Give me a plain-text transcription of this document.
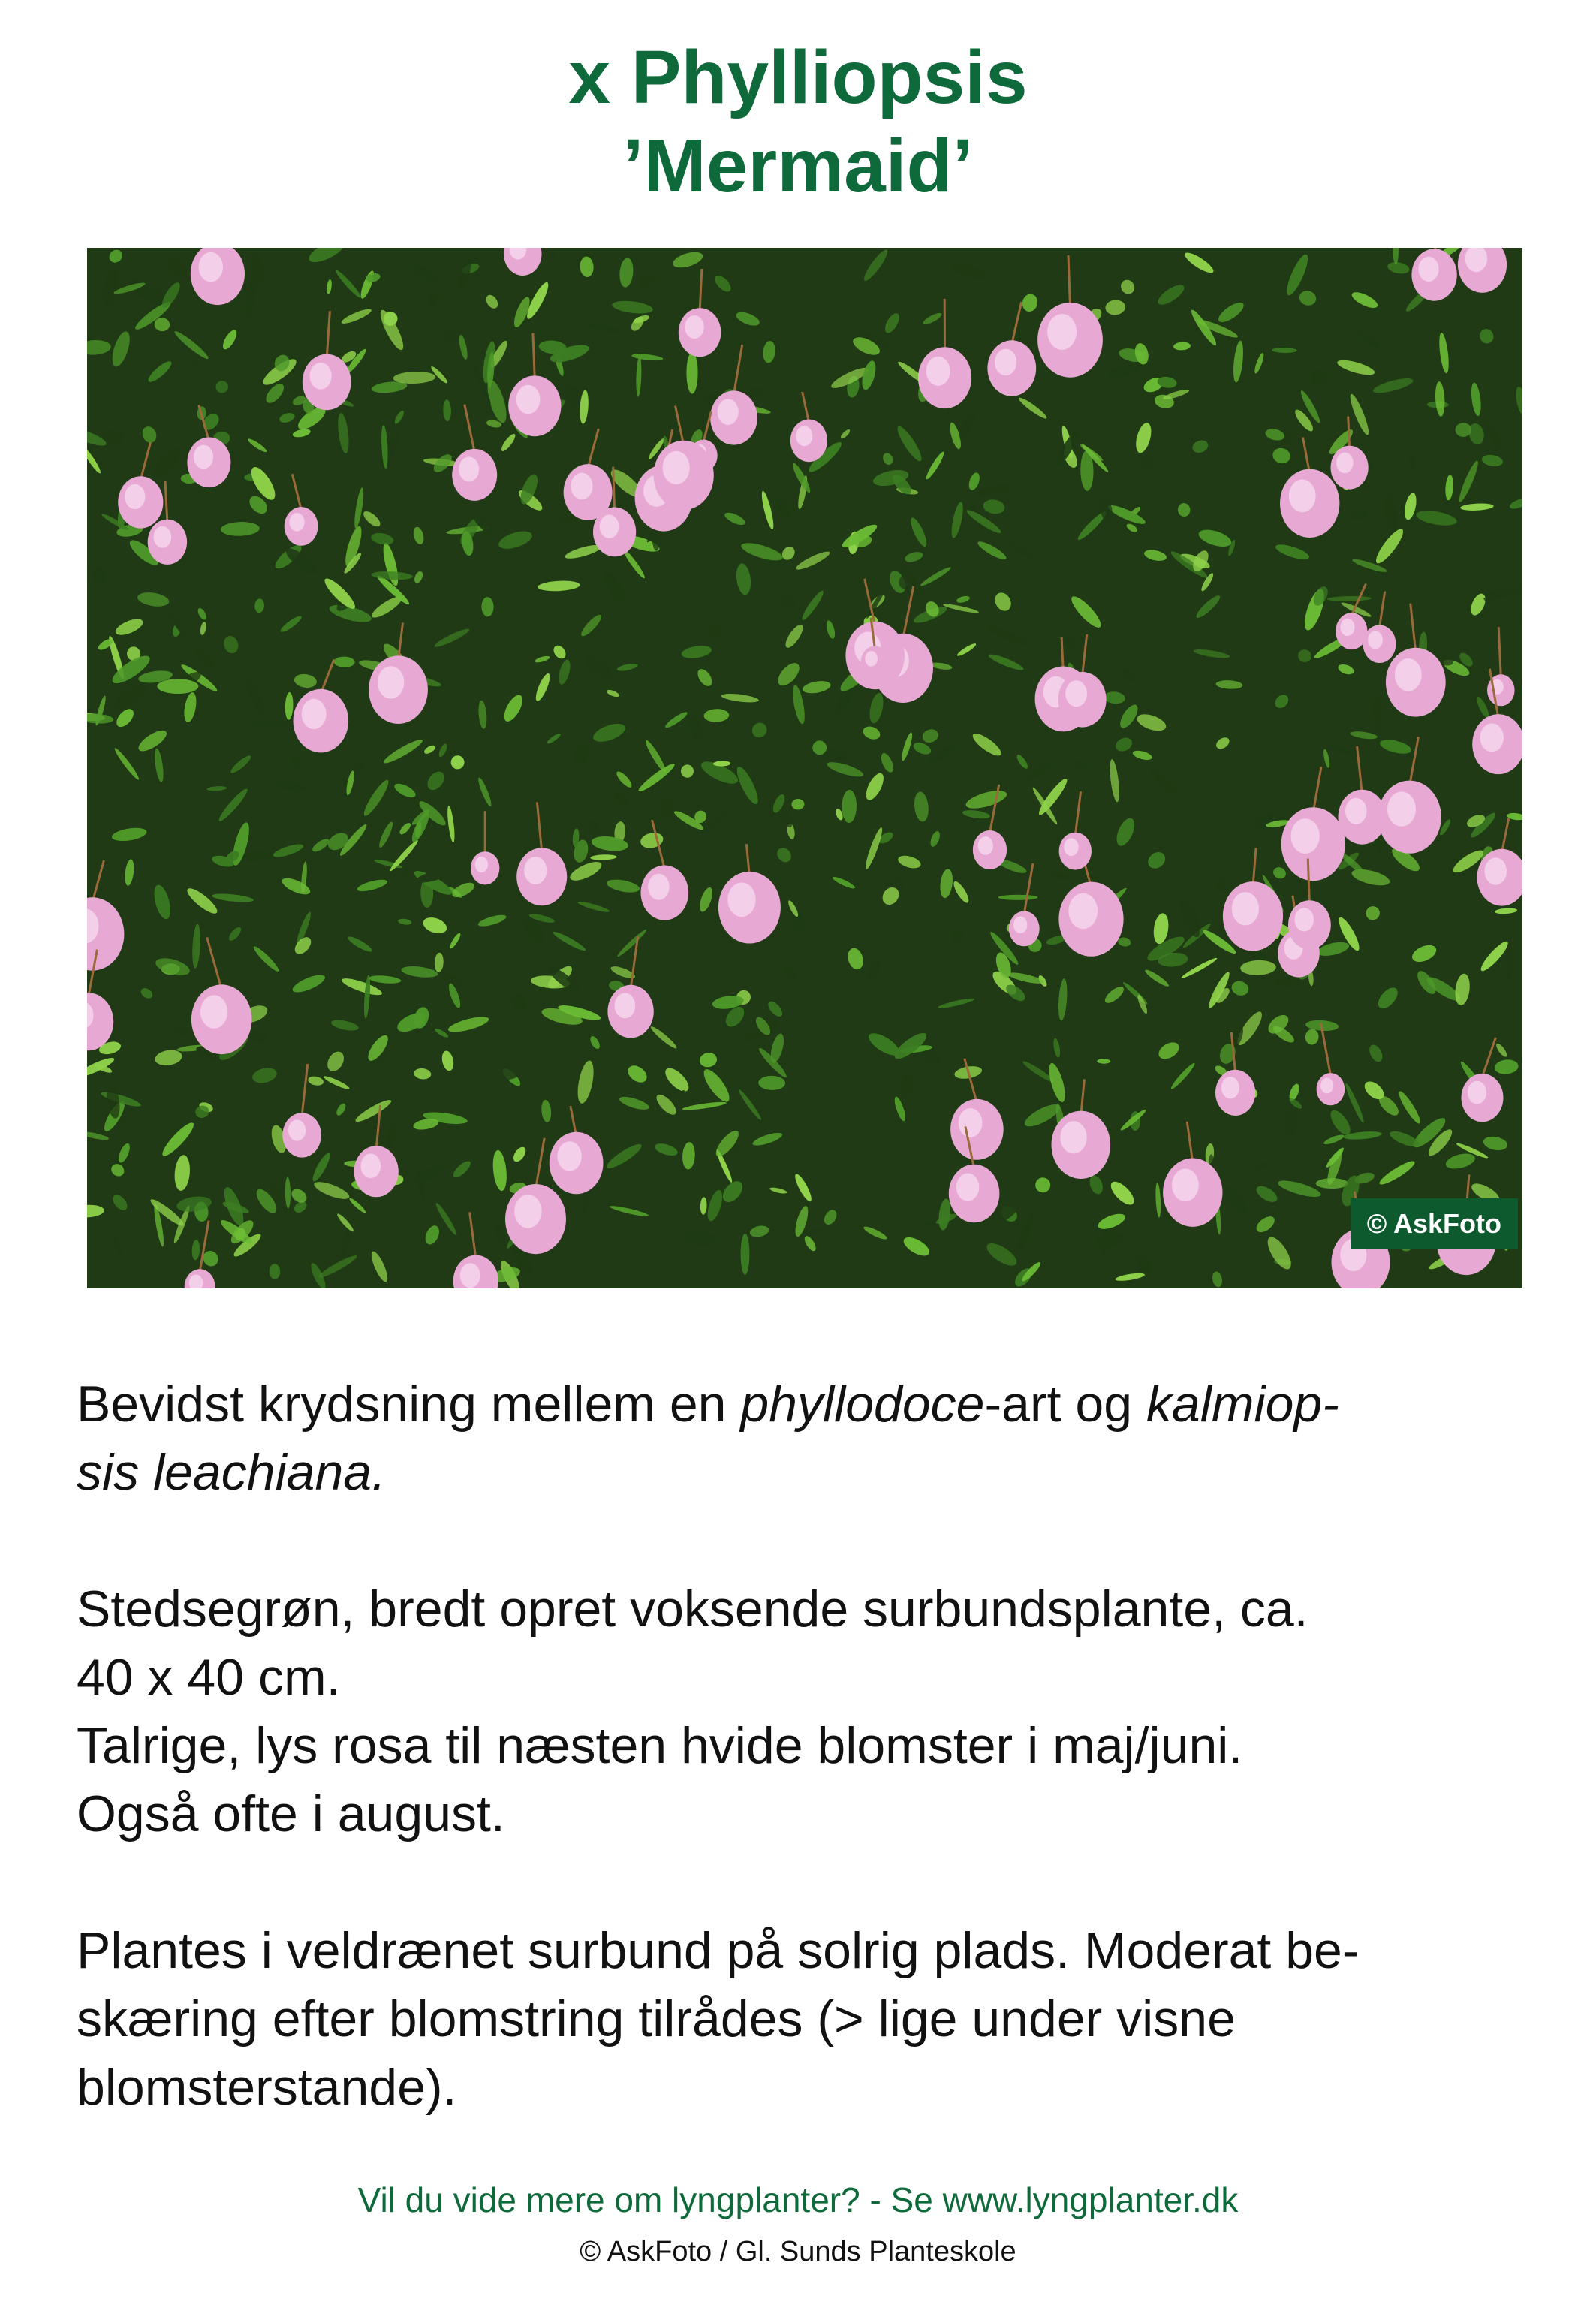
x Phylliopsis
’Mermaid’
© AskFoto

Bevidst krydsning mellem en phyllodoce-art og kalmiop-
sis leachiana.

Stedsegrøn, bredt opret voksende surbundsplante, ca.
40 x 40 cm.
Talrige, lys rosa til næsten hvide blomster i maj/juni.
Også ofte i august.

Plantes i veldrænet surbund på solrig plads. Moderat be-
skæring efter blomstring tilrådes (> lige under visne
blomsterstande).

Vil du vide mere om lyngplanter? - Se www.lyngplanter.dk
© AskFoto / Gl. Sunds Planteskole
